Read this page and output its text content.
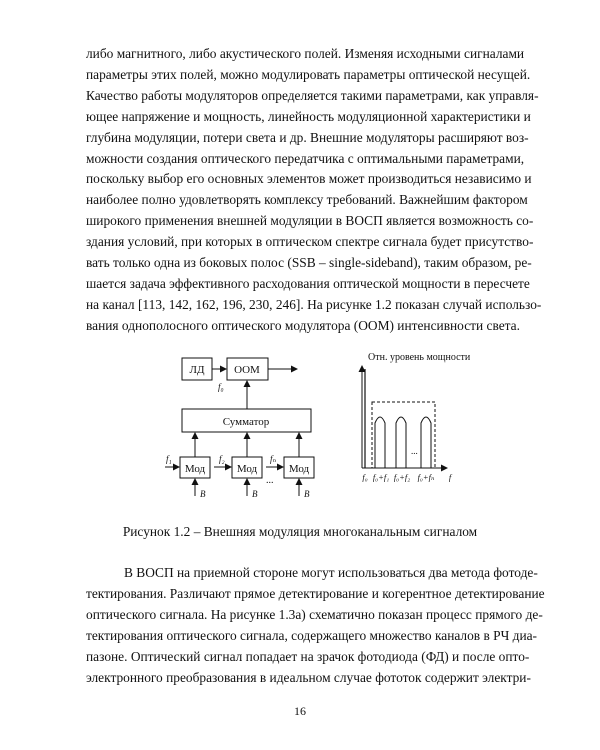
либо магнитного, либо акустического полей. Изменяя исходными сигналами
параметры этих полей, можно модулировать параметры оптической несущей.
Качество работы модуляторов определяется такими параметрами, как управля-
ющее напряжение и мощность, линейность модуляционной характеристики и
глубина модуляции, потери света и др. Внешние модуляторы расширяют воз-
можности создания оптического передатчика с оптимальными параметрами,
поскольку выбор его основных элементов может производиться независимо и
наиболее полно удовлетворять комплексу требований. Важнейшим фактором
широкого применения внешней модуляции в ВОСП является возможность со-
здания условий, при которых в оптическом спектре сигнала будет присутство-
вать только одна из боковых полос (SSB – single-sideband), таким образом, ре-
шается задача эффективного расходования оптической мощности в пересчете
на канал [113, 142, 162, 196, 230, 246]. На рисунке 1.2 показан случай использо-
вания однополосного оптического модулятора (ООМ) интенсивности света.
ЛД	ООМ
Сумматор
Мод	Мод	Мод
f₀
f₁	f₂	fₙ
B	B	B
...
Отн. уровень мощности
...
f₀ f₀+f₁ f₀+f₂ f₀+fₙ f

Рисунок 1.2 – Внешняя модуляция многоканальным сигналом

В ВОСП на приемной стороне могут использоваться два метода фотоде-
тектирования. Различают прямое детектирование и когерентное детектирование
оптического сигнала. На рисунке 1.3а) схематично показан процесс прямого де-
тектирования оптического сигнала, содержащего множество каналов в РЧ диа-
пазоне. Оптический сигнал попадает на зрачок фотодиода (ФД) и после опто-
электронного преобразования в идеальном случае фототок содержит электри-
16
